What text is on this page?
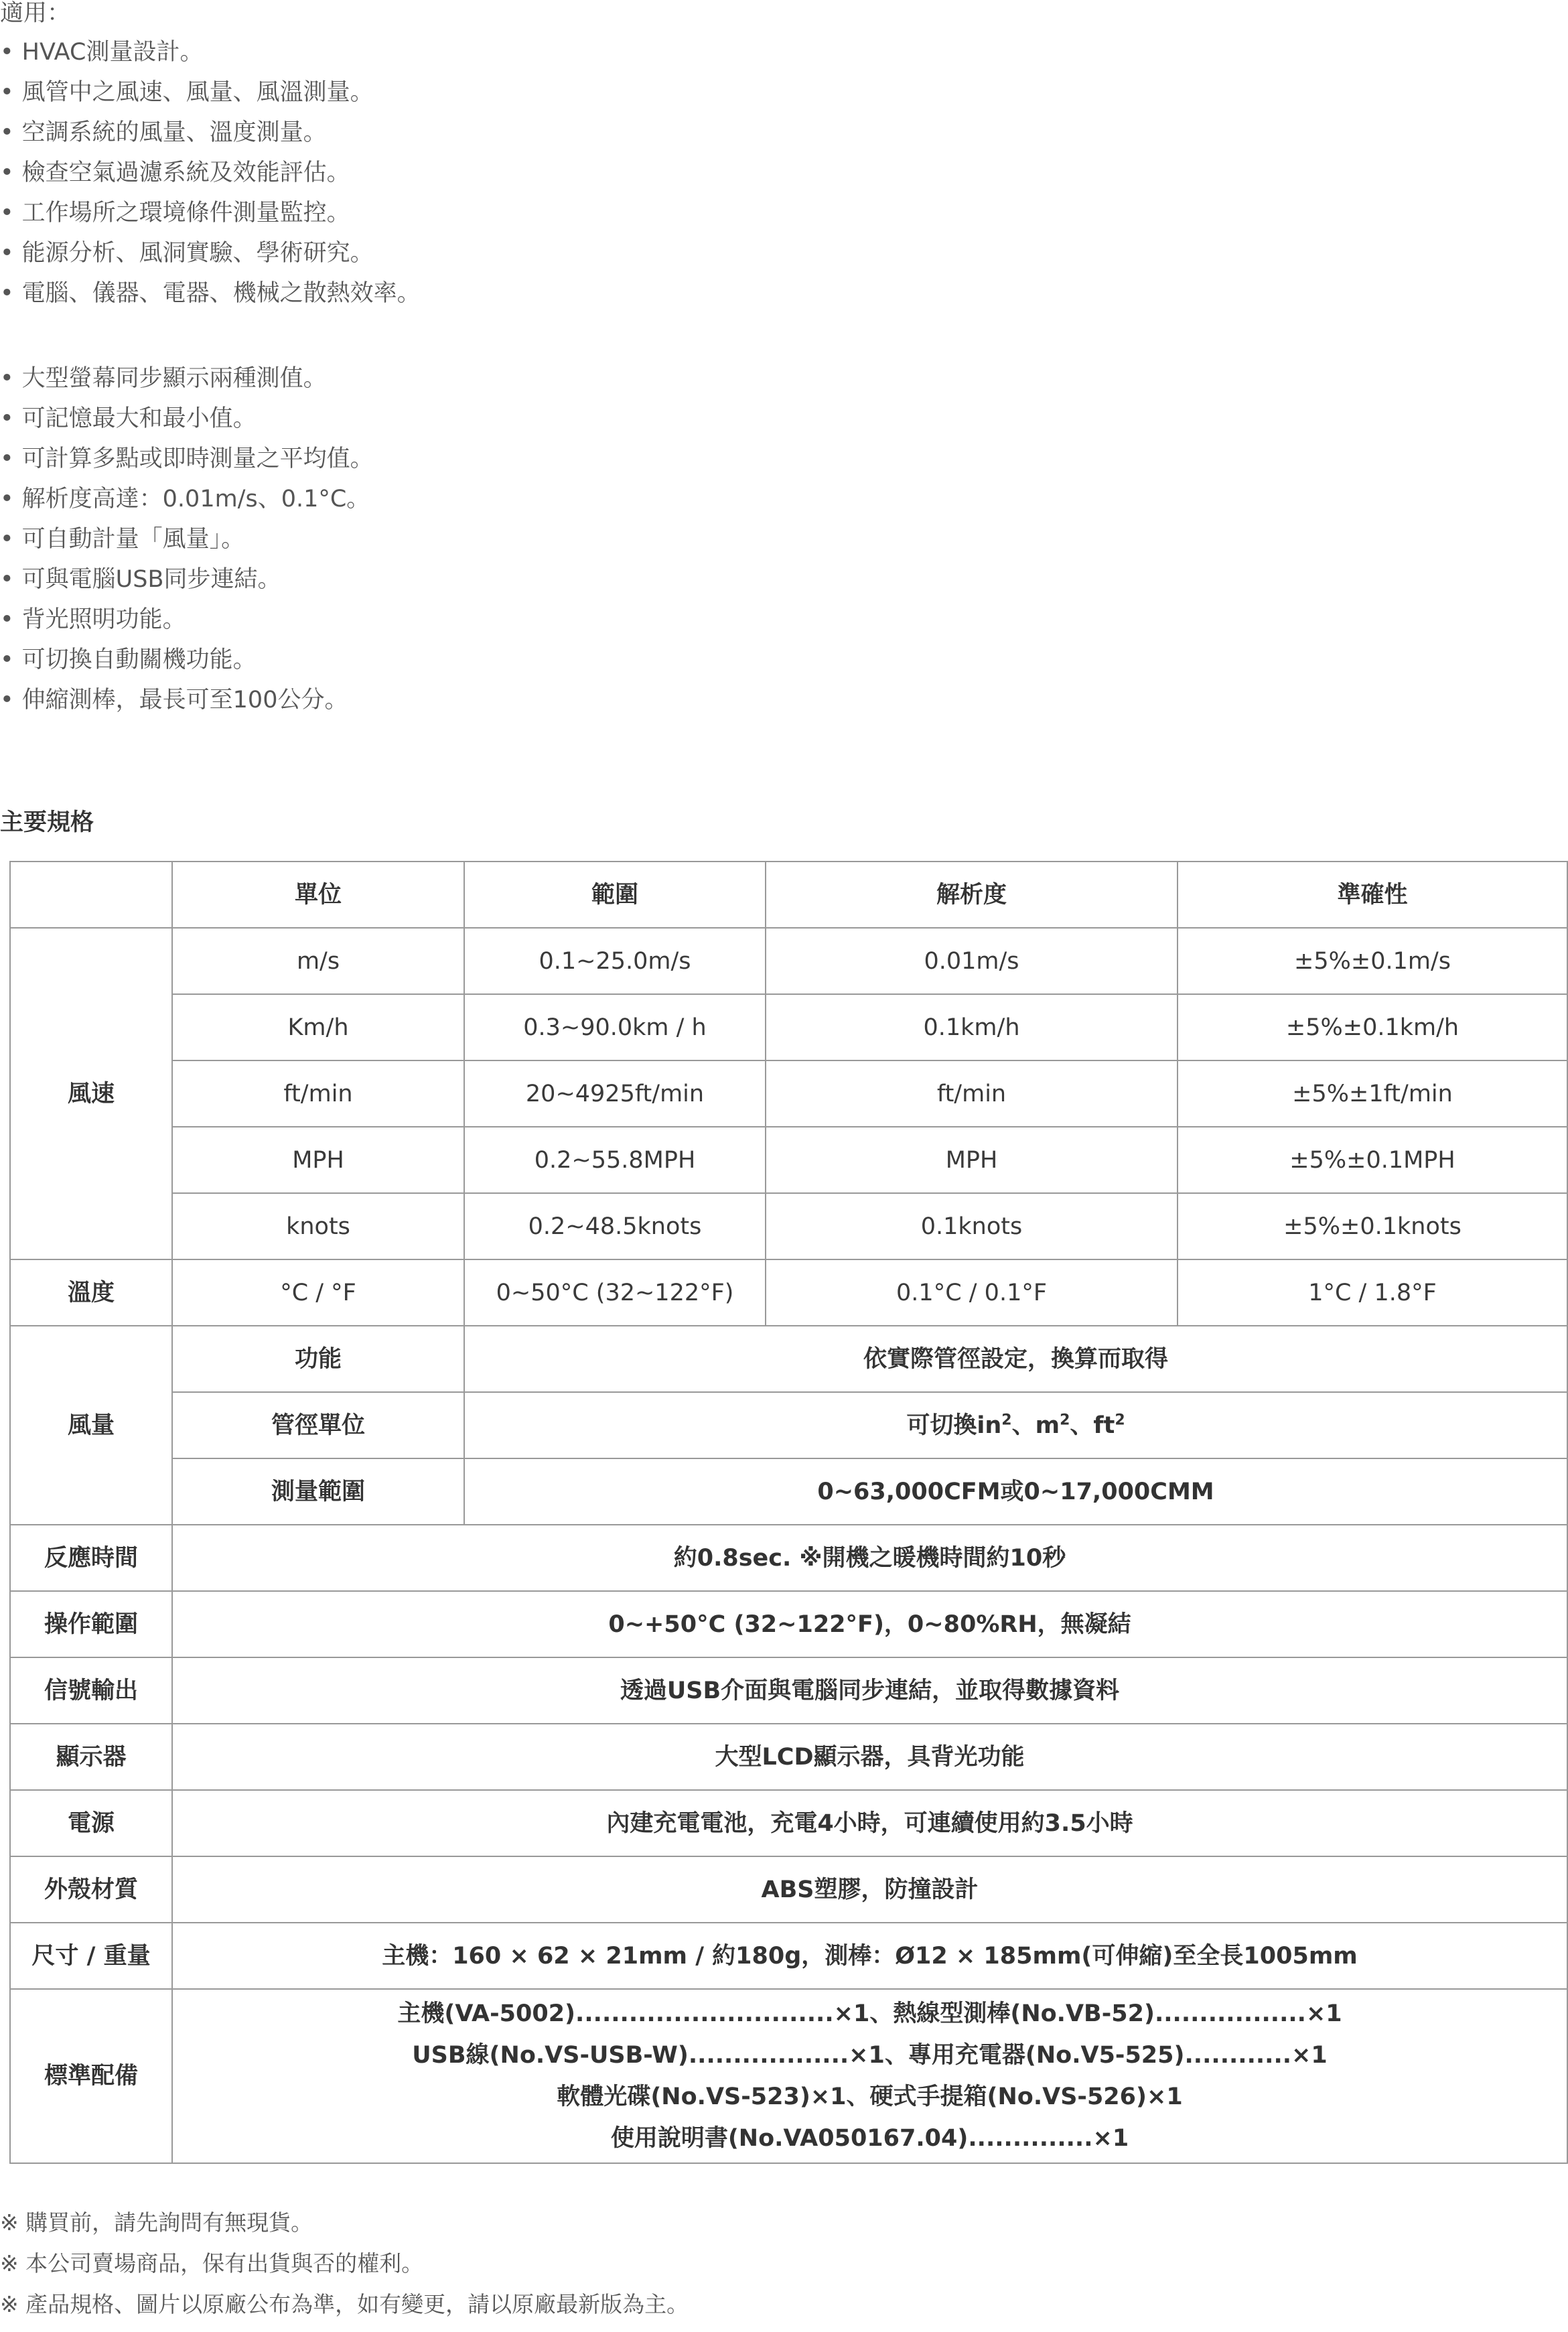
適用：
• HVAC測量設計。
• 風管中之風速、風量、風溫測量。
• 空調系統的風量、溫度測量。
• 檢查空氣過濾系統及效能評估。
• 工作場所之環境條件測量監控。
• 能源分析、風洞實驗、學術研究。
• 電腦、儀器、電器、機械之散熱效率。
• 大型螢幕同步顯示兩種測值。
• 可記憶最大和最小值。
• 可計算多點或即時測量之平均值。
• 解析度高達：0.01m/s、0.1°C。
• 可自動計量「風量」。
• 可與電腦USB同步連結。
• 背光照明功能。
• 可切換自動關機功能。
• 伸縮測棒，最長可至100公分。
主要規格
	單位	範圍	解析度	準確性
風速	m/s	0.1~25.0m/s	0.01m/s	±5%±0.1m/s
	Km/h	0.3~90.0km / h	0.1km/h	±5%±0.1km/h
	ft/min	20~4925ft/min	ft/min	±5%±1ft/min
	MPH	0.2~55.8MPH	MPH	±5%±0.1MPH
	knots	0.2~48.5knots	0.1knots	±5%±0.1knots
溫度	°C / °F	0~50°C (32~122°F)	0.1°C / 0.1°F	1°C / 1.8°F
風量	功能	依實際管徑設定，換算而取得		
	管徑單位	可切換$in^2$、$m^2$、$ft^2$
	測量範圍	0~63,000CFM或0~17,000CMM		
反應時間	約0.8sec. ※開機之暖機時間約10秒			
操作範圍	0~+50°C (32~122°F)，0~80%RH，無凝結			
信號輸出	透過USB介面與電腦同步連結，並取得數據資料			
顯示器	大型LCD顯示器，具背光功能			
電源	內建充電電池，充電4小時，可連續使用約3.5小時			
外殼材質	ABS塑膠，防撞設計			
尺寸 / 重量	主機：160 × 62 × 21mm / 約180g，測棒：Ø12 × 185mm(可伸縮)至全長1005mm			
標準配備	主機(VA-5002).............................×1、熱線型測棒(No.VB-52).................×1
USB線(No.VS-USB-W)..................×1、專用充電器(No.V5-525)............×1
軟體光碟(No.VS-523)×1、硬式手提箱(No.VS-526)×1
使用說明書(No.VA050167.04)..............×1			
※ 購買前，請先詢問有無現貨。
※ 本公司賣場商品，保有出貨與否的權利。
※ 產品規格、圖片以原廠公布為準，如有變更，請以原廠最新版為主。
